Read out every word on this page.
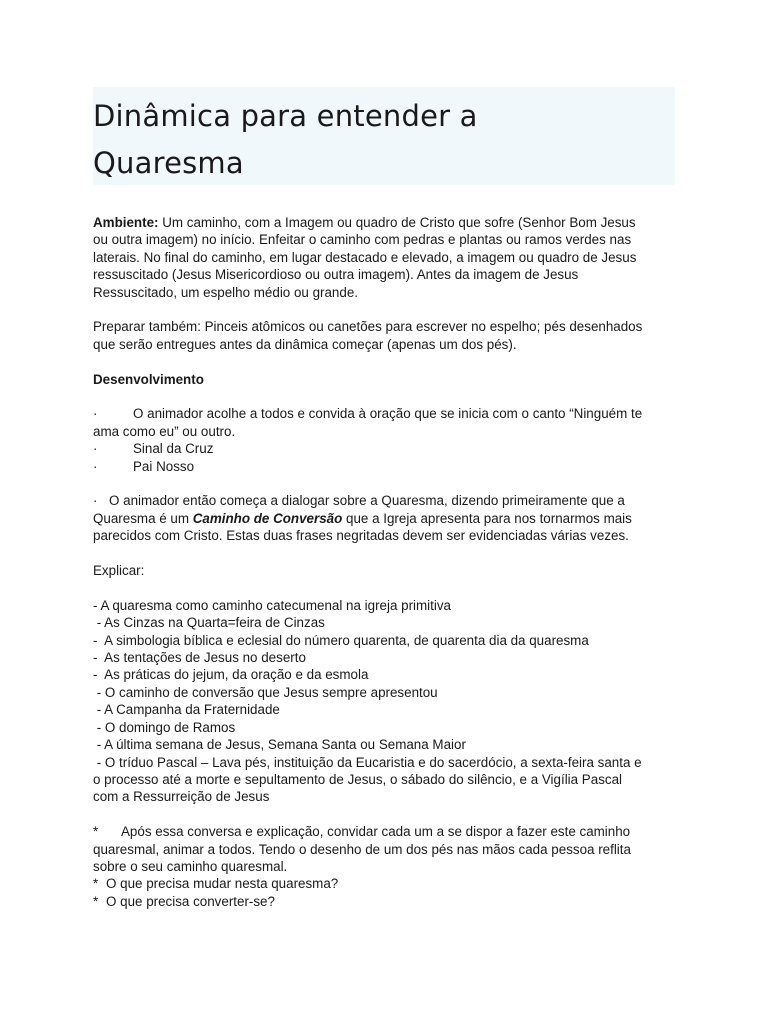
Dinâmica para entender a
Quaresma
Ambiente: Um caminho, com a Imagem ou quadro de Cristo que sofre (Senhor Bom Jesus
ou outra imagem) no início. Enfeitar o caminho com pedras e plantas ou ramos verdes nas
laterais. No final do caminho, em lugar destacado e elevado, a imagem ou quadro de Jesus
ressuscitado (Jesus Misericordioso ou outra imagem). Antes da imagem de Jesus
Ressuscitado, um espelho médio ou grande.
Preparar também: Pinceis atômicos ou canetões para escrever no espelho; pés desenhados
que serão entregues antes da dinâmica começar (apenas um dos pés).
Desenvolvimento
·	O animador acolhe a todos e convida à oração que se inicia com o canto “Ninguém te
ama como eu” ou outro.
·	Sinal da Cruz
·	Pai Nosso
· O animador então começa a dialogar sobre a Quaresma, dizendo primeiramente que a
Quaresma é um Caminho de Conversão que a Igreja apresenta para nos tornarmos mais
parecidos com Cristo. Estas duas frases negritadas devem ser evidenciadas várias vezes.
Explicar:
- A quaresma como caminho catecumenal na igreja primitiva
- As Cinzas na Quarta=feira de Cinzas
-  A simbologia bíblica e eclesial do número quarenta, de quarenta dia da quaresma
-  As tentações de Jesus no deserto
-  As práticas do jejum, da oração e da esmola
- O caminho de conversão que Jesus sempre apresentou
- A Campanha da Fraternidade
- O domingo de Ramos
- A última semana de Jesus, Semana Santa ou Semana Maior
- O tríduo Pascal – Lava pés, instituição da Eucaristia e do sacerdócio, a sexta-feira santa e
o processo até a morte e sepultamento de Jesus, o sábado do silêncio, e a Vigília Pascal
com a Ressurreição de Jesus
* Após essa conversa e explicação, convidar cada um a se dispor a fazer este caminho
quaresmal, animar a todos. Tendo o desenho de um dos pés nas mãos cada pessoa reflita
sobre o seu caminho quaresmal.
* O que precisa mudar nesta quaresma?
* O que precisa converter-se?
